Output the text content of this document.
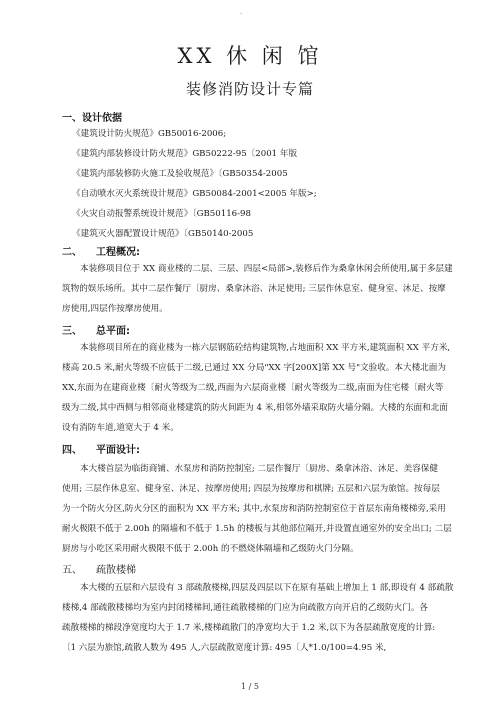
-
XX 休 闲 馆
装修消防设计专篇
一、设计依据
《建筑设计防火规范》GB50016-2006;
《建筑内部装修设计防火规范》GB50222-95〔2001 年版
《建筑内部装修防火施工及验收规范》〔GB50354-2005
《自动喷水灭火系统设计规范》GB50084-2001<2005 年版>;
《火灾自动报警系统设计规范》〔GB50116-98
《建筑灭火器配置设计规范》〔GB50140-2005
二、 工程概况:
本装修项目位于 XX 商业楼的二层、三层、四层<局部>,装修后作为桑拿休闲会所使用,属于多层建
筑物的娱乐场所。其中二层作餐厅〔厨房、桑拿沐浴、沐足使用; 三层作休息室、健身室、沐足、按摩
房使用,四层作按摩房使用。
三、 总平面:
本装修项目所在的商业楼为一栋六层钢筋砼结构建筑物,占地面积 XX 平方米,建筑面积 XX 平方米,
楼高 20.5 米,耐火等级不应低于二级,已通过 XX 分局"XX 字[200X]第 XX 号"文验收。本大楼北面为
XX,东面为在建商业楼〔耐火等级为二级,西面为六层商业楼〔耐火等级为二级,南面为住宅楼〔耐火等
级为二级,其中西侧与相邻商业楼建筑的防火间距为 4 米,相邻外墙采取防火墙分隔。大楼的东面和北面
设有消防车道,道宽大于 4 米。
四、 平面设计:
本大楼首层为临街商铺、水泵房和消防控制室; 二层作餐厅〔厨房、桑拿沐浴、沐足、美容保健
使用; 三层作休息室、健身室、沐足、按摩房使用; 四层为按摩房和棋牌; 五层和六层为旅馆。按每层
为一个防火分区,防火分区的面积为 XX 平方米; 其中,水泵房和消防控制室位于首层东南角楼梯旁,采用
耐火极限不低于 2.00h 的隔墙和不低于 1.5h 的楼板与其他部位隔开,并设置直通室外的安全出口; 二层
厨房与小吃区采用耐火极限不低于 2.00h 的不燃烧体隔墙和乙级防火门分隔。
五、 疏散楼梯
本大楼的五层和六层设有 3 部疏散楼梯,四层及四层以下在原有基础上增加上 1 部,即设有 4 部疏散
楼梯,4 部疏散楼梯均为室内封闭楼梯间,通往疏散楼梯的门应为向疏散方向开启的乙级防火门。各
疏散楼梯的梯段净宽度均大于 1.7 米,楼梯疏散门的净宽均大于 1.2 米,以下为各层疏散宽度的计算:
〔1 六层为旅馆,疏散人数为 495 人,六层疏散宽度计算: 495〔人*1.0/100=4.95 米,
1 / 5
